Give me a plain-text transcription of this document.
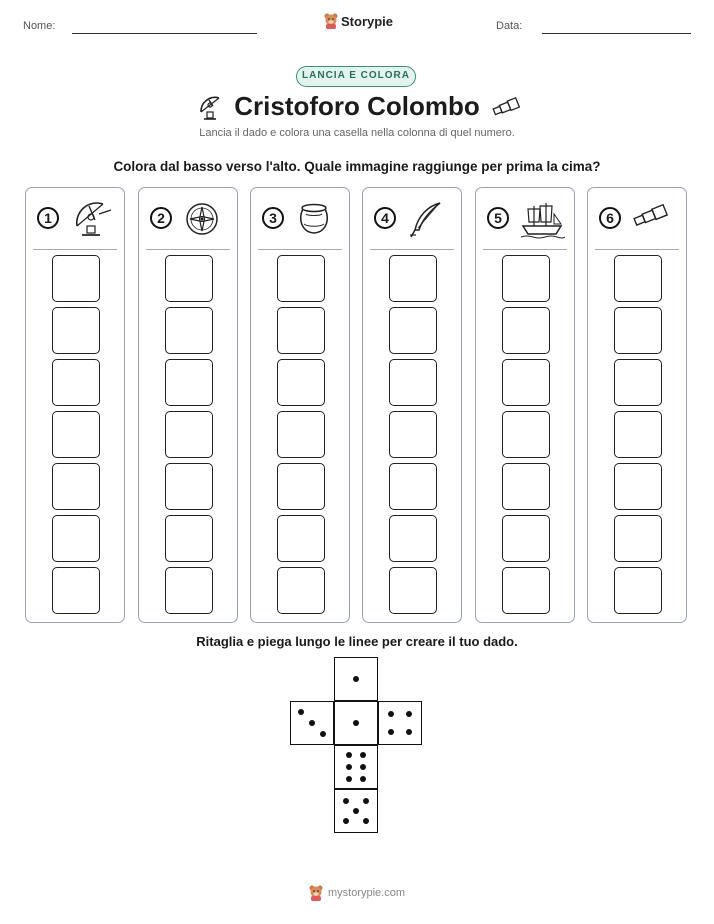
Nome:	Storypie	Data:
LANCIA E COLORA
Cristoforo Colombo
Lancia il dado e colora una casella nella colonna di quel numero.
Colora dal basso verso l'alto. Quale immagine raggiunge per prima la cima?
1	2	3	4	5	6
Ritaglia e piega lungo le linee per creare il tuo dado.
mystorypie.com
